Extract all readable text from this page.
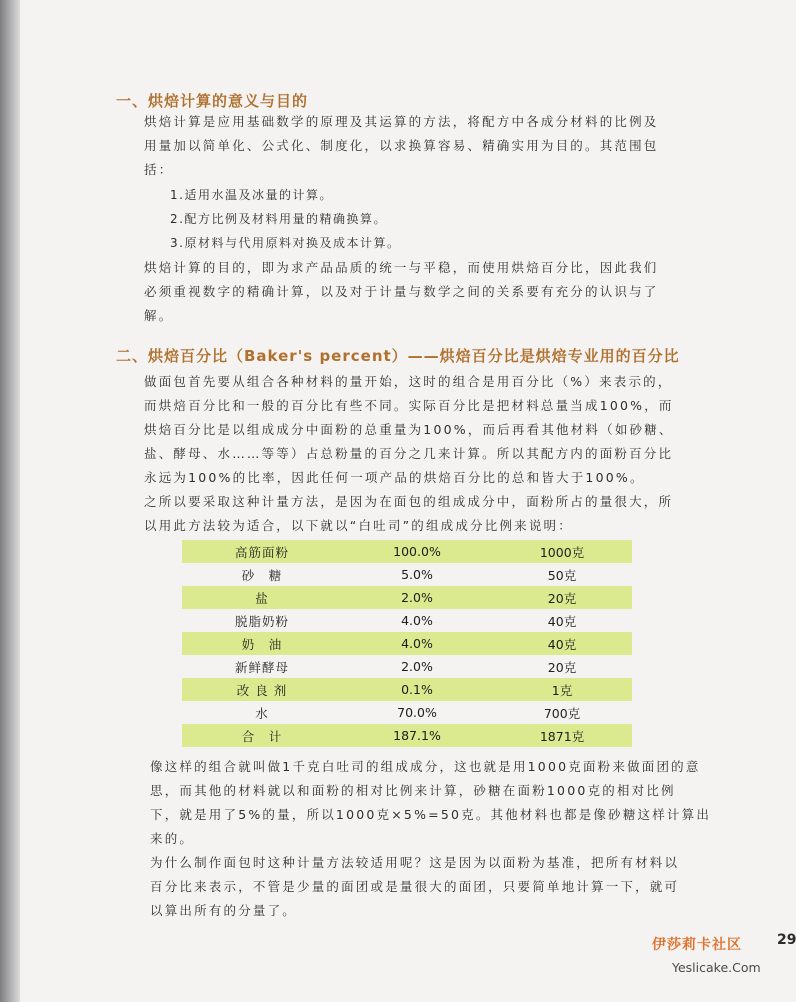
一、烘焙计算的意义与目的
烘焙计算是应用基础数学的原理及其运算的方法，将配方中各成分材料的比例及
用量加以简单化、公式化、制度化，以求换算容易、精确实用为目的。其范围包
括：
1.适用水温及冰量的计算。
2.配方比例及材料用量的精确换算。
3.原材料与代用原料对换及成本计算。
烘焙计算的目的，即为求产品品质的统一与平稳，而使用烘焙百分比，因此我们
必须重视数字的精确计算，以及对于计量与数学之间的关系要有充分的认识与了
解。
二、烘焙百分比（Baker's percent）——烘焙百分比是烘焙专业用的百分比
做面包首先要从组合各种材料的量开始，这时的组合是用百分比（%）来表示的，
而烘焙百分比和一般的百分比有些不同。实际百分比是把材料总量当成100%，而
烘焙百分比是以组成成分中面粉的总重量为100%，而后再看其他材料（如砂糖、
盐、酵母、水……等等）占总粉量的百分之几来计算。所以其配方内的面粉百分比
永远为100%的比率，因此任何一项产品的烘焙百分比的总和皆大于100%。
之所以要采取这种计量方法，是因为在面包的组成成分中，面粉所占的量很大，所
以用此方法较为适合，以下就以“白吐司”的组成成分比例来说明：
高筋面粉	100.0%	1000克
砂　糖	5.0%	50克
盐	2.0%	20克
脱脂奶粉	4.0%	40克
奶　油	4.0%	40克
新鲜酵母	2.0%	20克
改 良 剂	0.1%	1克
水	70.0%	700克
合　计	187.1%	1871克
像这样的组合就叫做1千克白吐司的组成成分，这也就是用1000克面粉来做面团的意
思，而其他的材料就以和面粉的相对比例来计算，砂糖在面粉1000克的相对比例
下，就是用了5%的量，所以1000克×5%=50克。其他材料也都是像砂糖这样计算出
来的。
为什么制作面包时这种计量方法较适用呢？这是因为以面粉为基准，把所有材料以
百分比来表示，不管是少量的面团或是量很大的面团，只要简单地计算一下，就可
以算出所有的分量了。
伊莎莉卡社区
Yeslicake.Com
29
